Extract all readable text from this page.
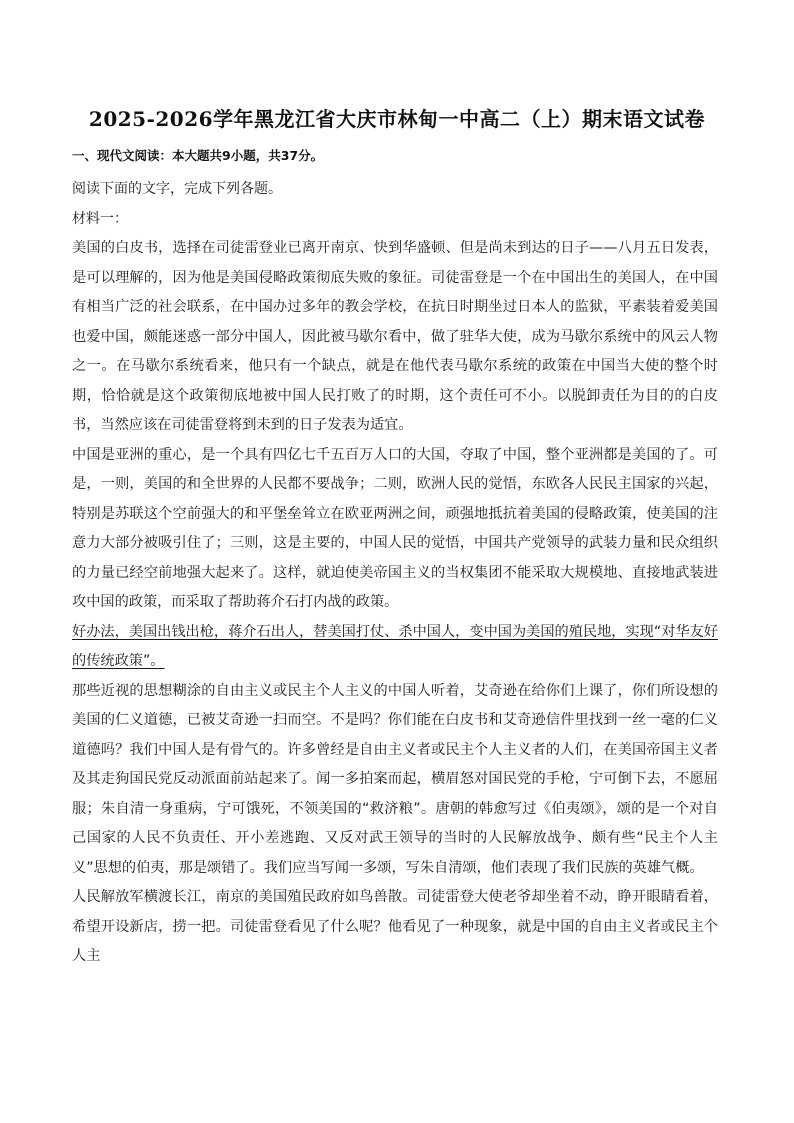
2025-2026学年黑龙江省大庆市林甸一中高二（上）期末语文试卷
一、现代文阅读：本大题共9小题，共37分。
阅读下面的文字，完成下列各题。
材料一：

美国的白皮书，选择在司徒雷登业已离开南京、快到华盛顿、但是尚未到达的日子——八月五日发表，是可以理解的，因为他是美国侵略政策彻底失败的象征。司徒雷登是一个在中国出生的美国人，在中国有相当广泛的社会联系，在中国办过多年的教会学校，在抗日时期坐过日本人的监狱，平素装着爱美国也爱中国，颇能迷惑一部分中国人，因此被马歇尔看中，做了驻华大使，成为马歇尔系统中的风云人物之一。在马歇尔系统看来，他只有一个缺点，就是在他代表马歇尔系统的政策在中国当大使的整个时期，恰恰就是这个政策彻底地被中国人民打败了的时期，这个责任可不小。以脱卸责任为目的的白皮书，当然应该在司徒雷登将到未到的日子发表为适宜。

中国是亚洲的重心，是一个具有四亿七千五百万人口的大国，夺取了中国，整个亚洲都是美国的了。可是，一则，美国的和全世界的人民都不要战争；二则，欧洲人民的觉悟，东欧各人民民主国家的兴起，特别是苏联这个空前强大的和平堡垒耸立在欧亚两洲之间，顽强地抵抗着美国的侵略政策，使美国的注意力大部分被吸引住了；三则，这是主要的，中国人民的觉悟，中国共产党领导的武装力量和民众组织的力量已经空前地强大起来了。这样，就迫使美帝国主义的当权集团不能采取大规模地、直接地武装进攻中国的政策，而采取了帮助蒋介石打内战的政策。

好办法，美国出钱出枪，蒋介石出人，替美国打仗、杀中国人，变中国为美国的殖民地，实现“对华友好的传统政策”。

那些近视的思想糊涂的自由主义或民主个人主义的中国人听着，艾奇逊在给你们上课了，你们所设想的美国的仁义道德，已被艾奇逊一扫而空。不是吗？你们能在白皮书和艾奇逊信件里找到一丝一毫的仁义道德吗？我们中国人是有骨气的。许多曾经是自由主义者或民主个人主义者的人们，在美国帝国主义者及其走狗国民党反动派面前站起来了。闻一多拍案而起，横眉怒对国民党的手枪，宁可倒下去，不愿屈服；朱自清一身重病，宁可饿死，不领美国的“救济粮”。唐朝的韩愈写过《伯夷颂》，颂的是一个对自己国家的人民不负责任、开小差逃跑、又反对武王领导的当时的人民解放战争、颇有些“民主个人主义”思想的伯夷，那是颂错了。我们应当写闻一多颂，写朱自清颂，他们表现了我们民族的英雄气概。

人民解放军横渡长江，南京的美国殖民政府如鸟兽散。司徒雷登大使老爷却坐着不动，睁开眼睛看着，希望开设新店，捞一把。司徒雷登看见了什么呢？他看见了一种现象，就是中国的自由主义者或民主个人主
